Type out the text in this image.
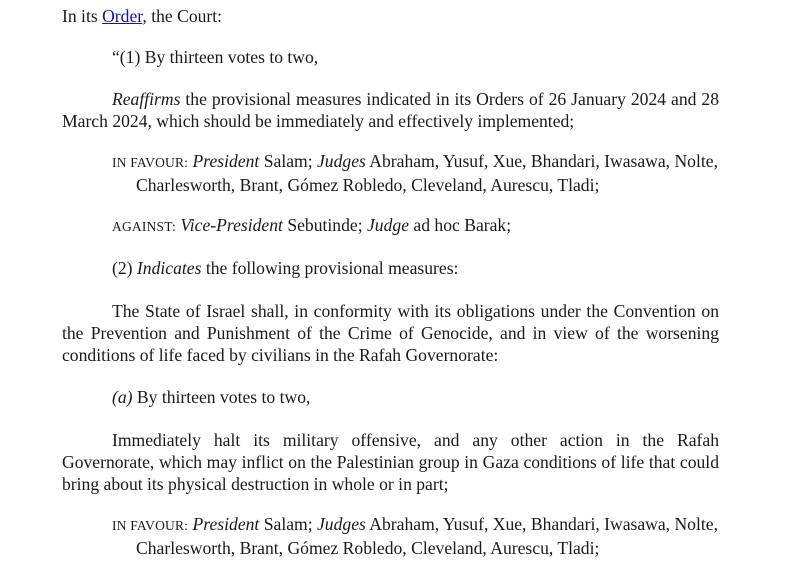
In its Order, the Court:

“(1) By thirteen votes to two,

Reaffirms the provisional measures indicated in its Orders of 26 January 2024 and 28 March 2024, which should be immediately and effectively implemented;

IN FAVOUR: President Salam; Judges Abraham, Yusuf, Xue, Bhandari, Iwasawa, Nolte, Charlesworth, Brant, Gómez Robledo, Cleveland, Aurescu, Tladi;

AGAINST: Vice-President Sebutinde; Judge ad hoc Barak;

(2) Indicates the following provisional measures:

The State of Israel shall, in conformity with its obligations under the Convention on the Prevention and Punishment of the Crime of Genocide, and in view of the worsening conditions of life faced by civilians in the Rafah Governorate:

(a) By thirteen votes to two,

Immediately halt its military offensive, and any other action in the Rafah Governorate, which may inflict on the Palestinian group in Gaza conditions of life that could bring about its physical destruction in whole or in part;

IN FAVOUR: President Salam; Judges Abraham, Yusuf, Xue, Bhandari, Iwasawa, Nolte, Charlesworth, Brant, Gómez Robledo, Cleveland, Aurescu, Tladi;
